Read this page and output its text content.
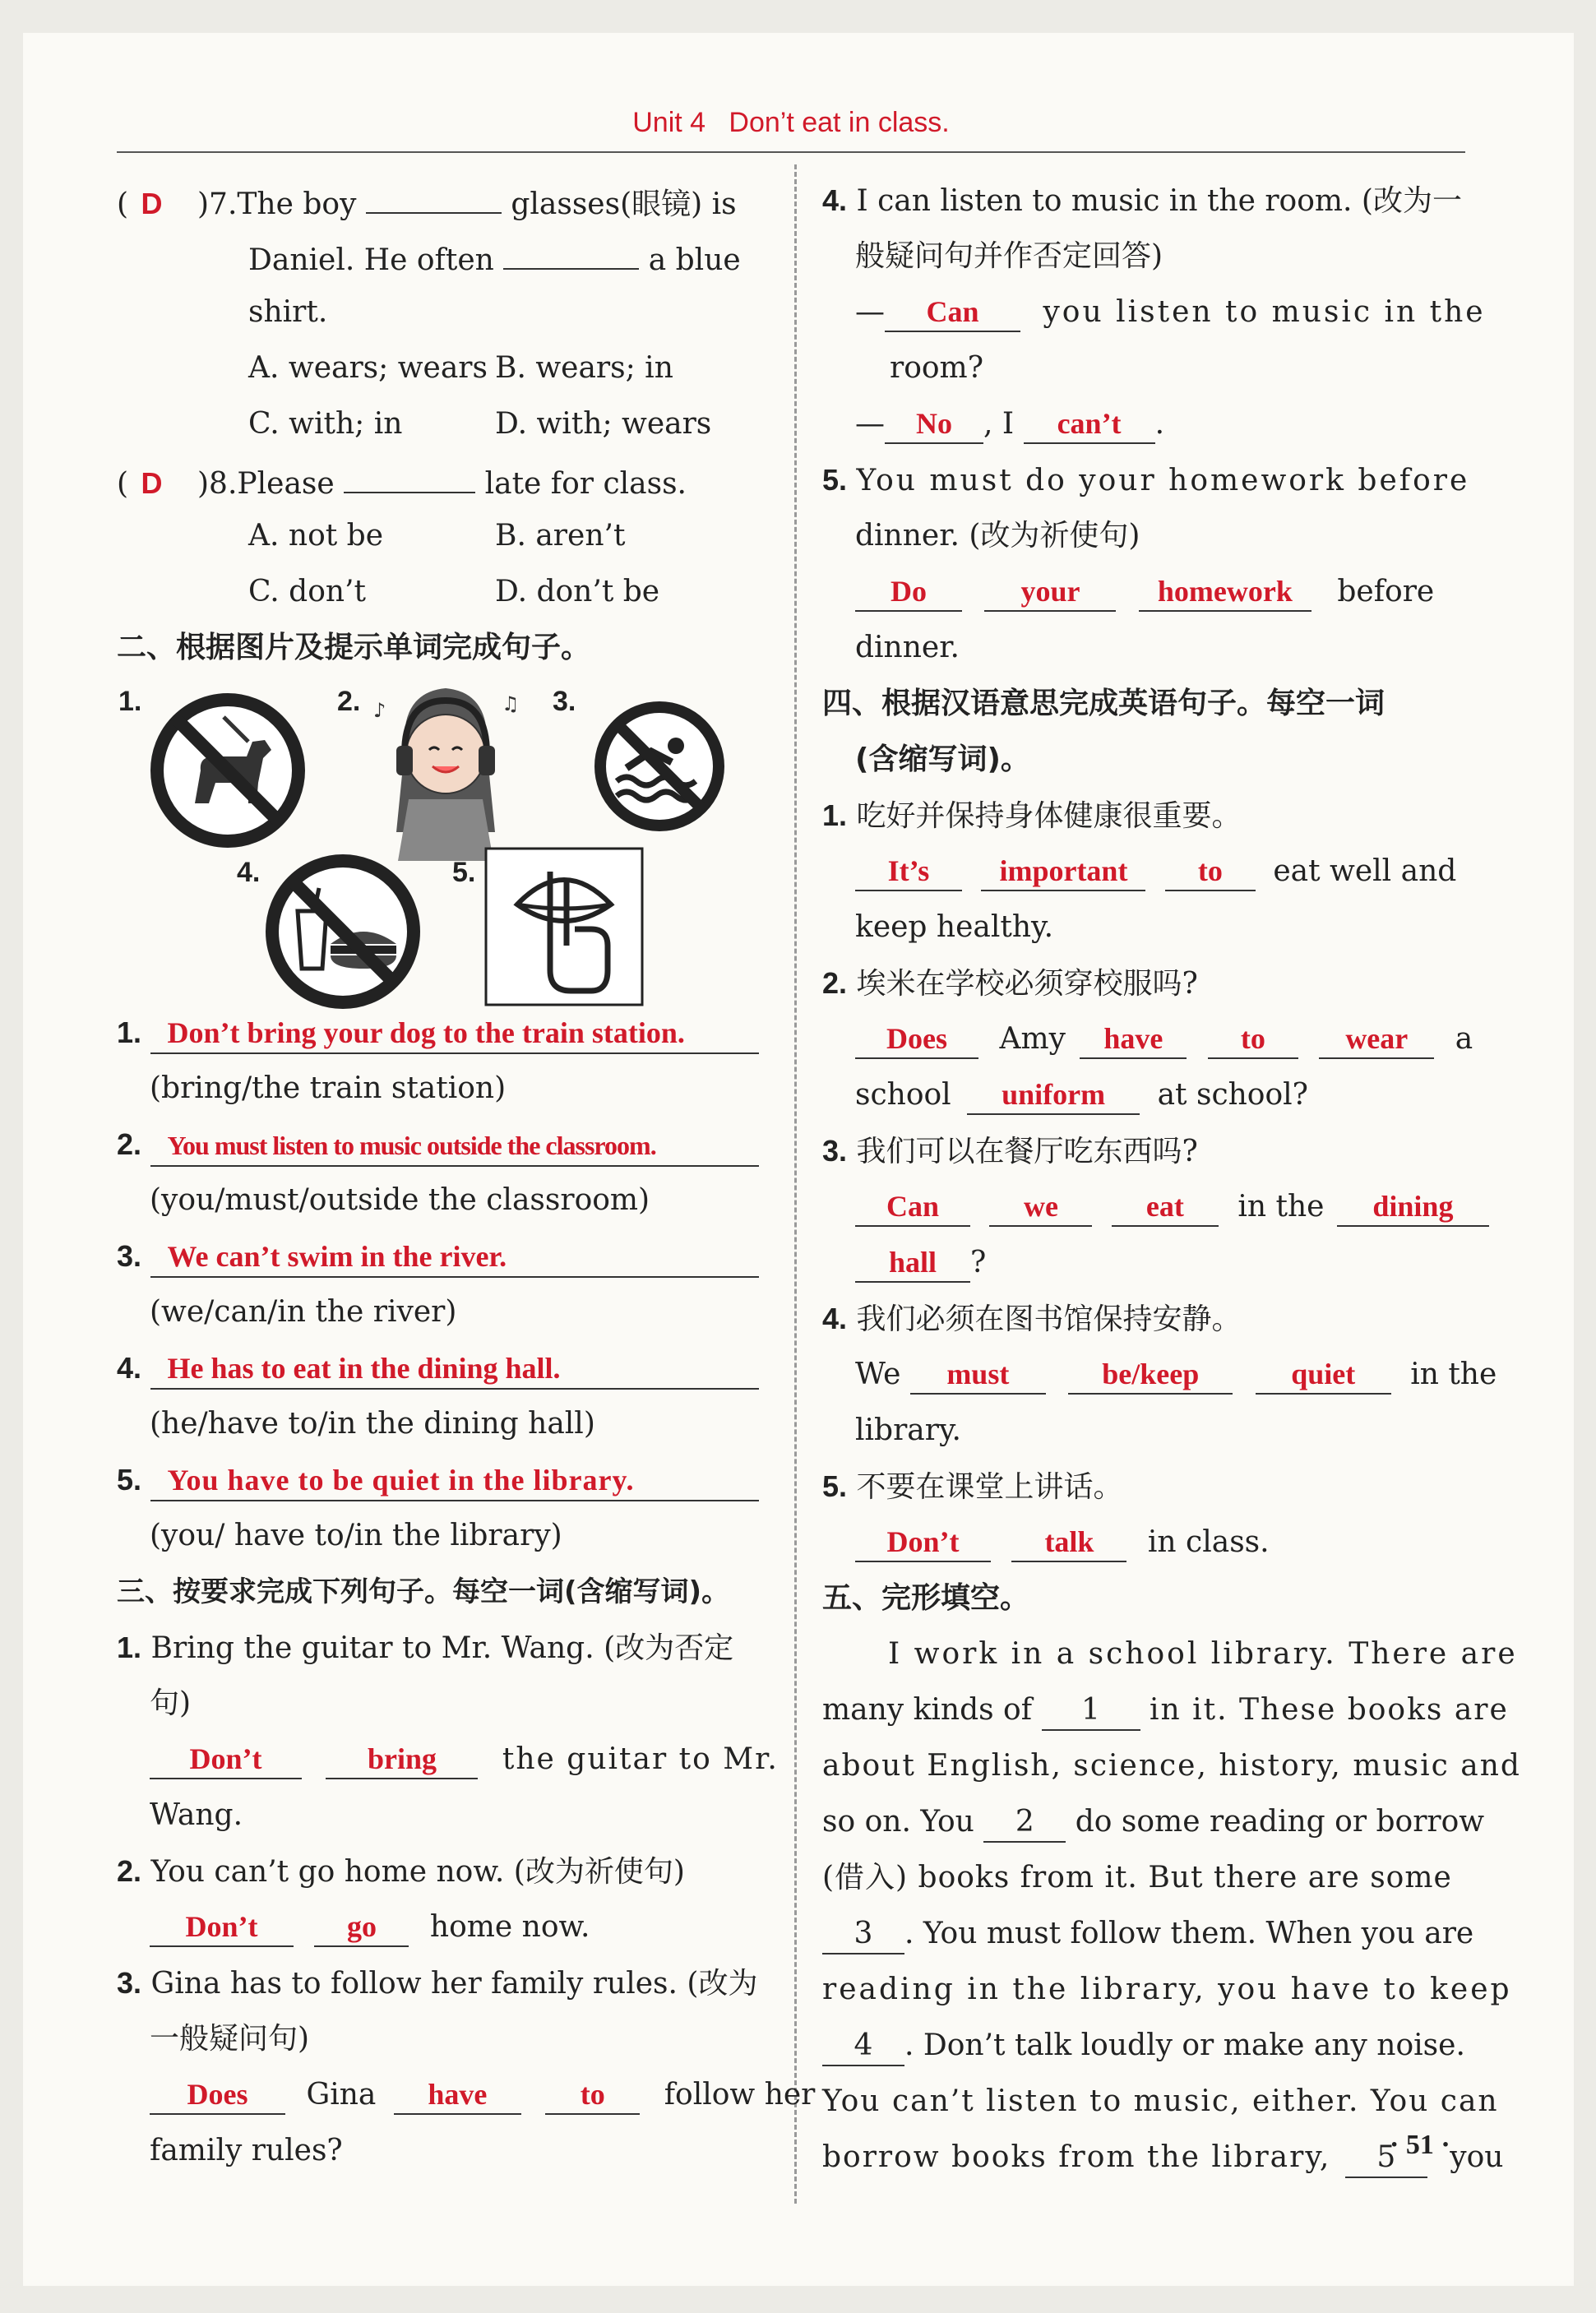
Unit 4 Don’t eat in class.
( D )7.The boy	glasses(眼镜) is
Daniel. He often	a blue
shirt.
A. wears; wears B. wears; in
C. with; in	D. with; wears
( D )8.Please	late for class.
A. not be	B. aren’t
C. don’t	D. don’t be
二、根据图片及提示单词完成句子。
1.	2. ♪	♫ 3.
4.	5.
1. Don’t bring your dog to the train station.
(bring/the train station)
2. You must listen to music outside the classroom.
(you/must/outside the classroom)
3. We can’t swim in the river.
(we/can/in the river)
4. He has to eat in the dining hall.
(he/have to/in the dining hall)
5. You have to be quiet in the library.
(you/ have to/in the library)
三、按要求完成下列句子。每空一词(含缩写词)。
1. Bring the guitar to Mr. Wang. (改为否定
句)
Don’t	bring the guitar to Mr.
Wang.
2. You can’t go home now. (改为祈使句)
Don’t	go home now.
3. Gina has to follow her family rules. (改为
一般疑问句)
Does Gina have	to follow her
family rules?
4. I can listen to music in the room. (改为一
般疑问句并作否定回答)
— Can you listen to music in the
room?
— No , I can’t .
5. You must do your homework before
dinner. (改为祈使句)
Do	your	homework before
dinner.
四、根据汉语意思完成英语句子。每空一词
(含缩写词)。
1. 吃好并保持身体健康很重要。
It’s important to eat well and
keep healthy.
2. 埃米在学校必须穿校服吗?
Does Amy have	to	wear a
school uniform at school?
3. 我们可以在餐厅吃东西吗?
Can	we	eat in the dining
hall ?
4. 我们必须在图书馆保持安静。
We must	be/keep	quiet in the
library.
5. 不要在课堂上讲话。
Don’t	talk in class.
五、完形填空。
I work in a school library. There are
many kinds of 1 in it. These books are
about English, science, history, music and
so on. You 2 do some reading or borrow
(借入) books from it. But there are some
3 . You must follow them. When you are
reading in the library, you have to keep
4 . Don’t talk loudly or make any noise.
You can’t listen to music, either. You can
borrow books from the library, 5 you
· 51 ·
